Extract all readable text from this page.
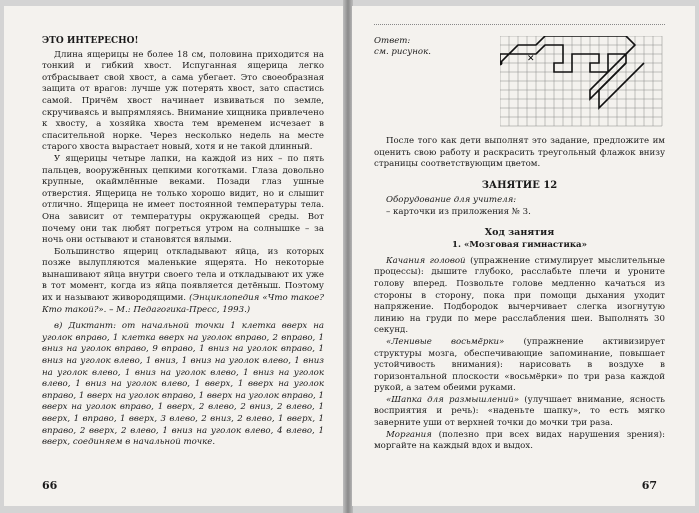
ЭТО ИНТЕРЕСНО!

Длина ящерицы не более 18 см, половина приходится на тонкий и гибкий хвост. Испуганная ящерица легко отбрасывает свой хвост, а сама убегает. Это своеобразная защита от врагов: лучше уж потерять хвост, зато спастись самой. Причём хвост начинает извиваться по земле, скручиваясь и выпрямляясь. Внимание хищника привлечено к хвосту, а хозяйка хвоста тем временем исчезает в спасительной норке. Через несколько недель на месте старого хвоста вырастает новый, хотя и не такой длинный.

У ящерицы четыре лапки, на каждой из них – по пять пальцев, вооружённых цепкими коготками. Глаза довольно крупные, окаймлённые веками. Позади глаз ушные отверстия. Ящерица не только хорошо видит, но и слышит отлично. Ящерица не имеет постоянной температуры тела. Она зависит от температуры окружающей среды. Вот почему они так любят погреться утром на солнышке – за ночь они остывают и становятся вялыми.

Большинство ящериц откладывают яйца, из которых позже вылупляются маленькие ящерята. Но некоторые вынашивают яйца внутри своего тела и откладывают их уже в тот момент, когда из яйца появляется детёныш. Поэтому их и называют живородящими. (Энциклопедия «Что такое? Кто такой?». – М.: Педагогика-Пресс, 1993.)

в) Диктант: от начальной точки 1 клетка вверх на уголок вправо, 1 клетка вверх на уголок вправо, 2 вправо, 1 вниз на уголок вправо, 9 вправо, 1 вниз на уголок вправо, 1 вниз на уголок влево, 1 вниз, 1 вниз на уголок влево, 1 вниз на уголок влево, 1 вниз на уголок влево, 1 вниз на уголок влево, 1 вниз на уголок влево, 1 вверх, 1 вверх на уголок вправо, 1 вверх на уголок вправо, 1 вверх на уголок вправо, 1 вверх на уголок вправо, 1 вверх, 2 влево, 2 вниз, 2 влево, 1 вверх, 1 вправо, 1 вверх, 3 влево, 2 вниз, 2 влево, 1 вверх, 1 вправо, 2 вверх, 2 влево, 1 вниз на уголок влево, 4 влево, 1 вверх, соединяем в начальной точке.

66
Ответ:
см. рисунок.
✕

После того как дети выполнят это задание, предложите им оценить свою работу и раскрасить треугольный флажок внизу страницы соответствующим цветом.

ЗАНЯТИЕ 12

Оборудование для учителя:

– карточки из приложения № 3.

Ход занятия

1. «Мозговая гимнастика»

Качания головой (упражнение стимулирует мыслительные процессы): дышите глубоко, расслабьте плечи и уроните голову вперед. Позвольте голове медленно качаться из стороны в сторону, пока при помощи дыхания уходит напряжение. Подбородок вычерчивает слегка изогнутую линию на груди по мере расслабления шеи. Выполнять 30 секунд.

«Ленивые восьмёрки» (упражнение активизирует структуры мозга, обеспечивающие запоминание, повышает устойчивость внимания): нарисовать в воздухе в горизонтальной плоскости «восьмёрки» по три раза каждой рукой, а затем обеими руками.

«Шапка для размышлений» (улучшает внимание, ясность восприятия и речь): «наденьте шапку», то есть мягко заверните уши от верхней точки до мочки три раза.

Моргания (полезно при всех видах нарушения зрения): моргайте на каждый вдох и выдох.

67
